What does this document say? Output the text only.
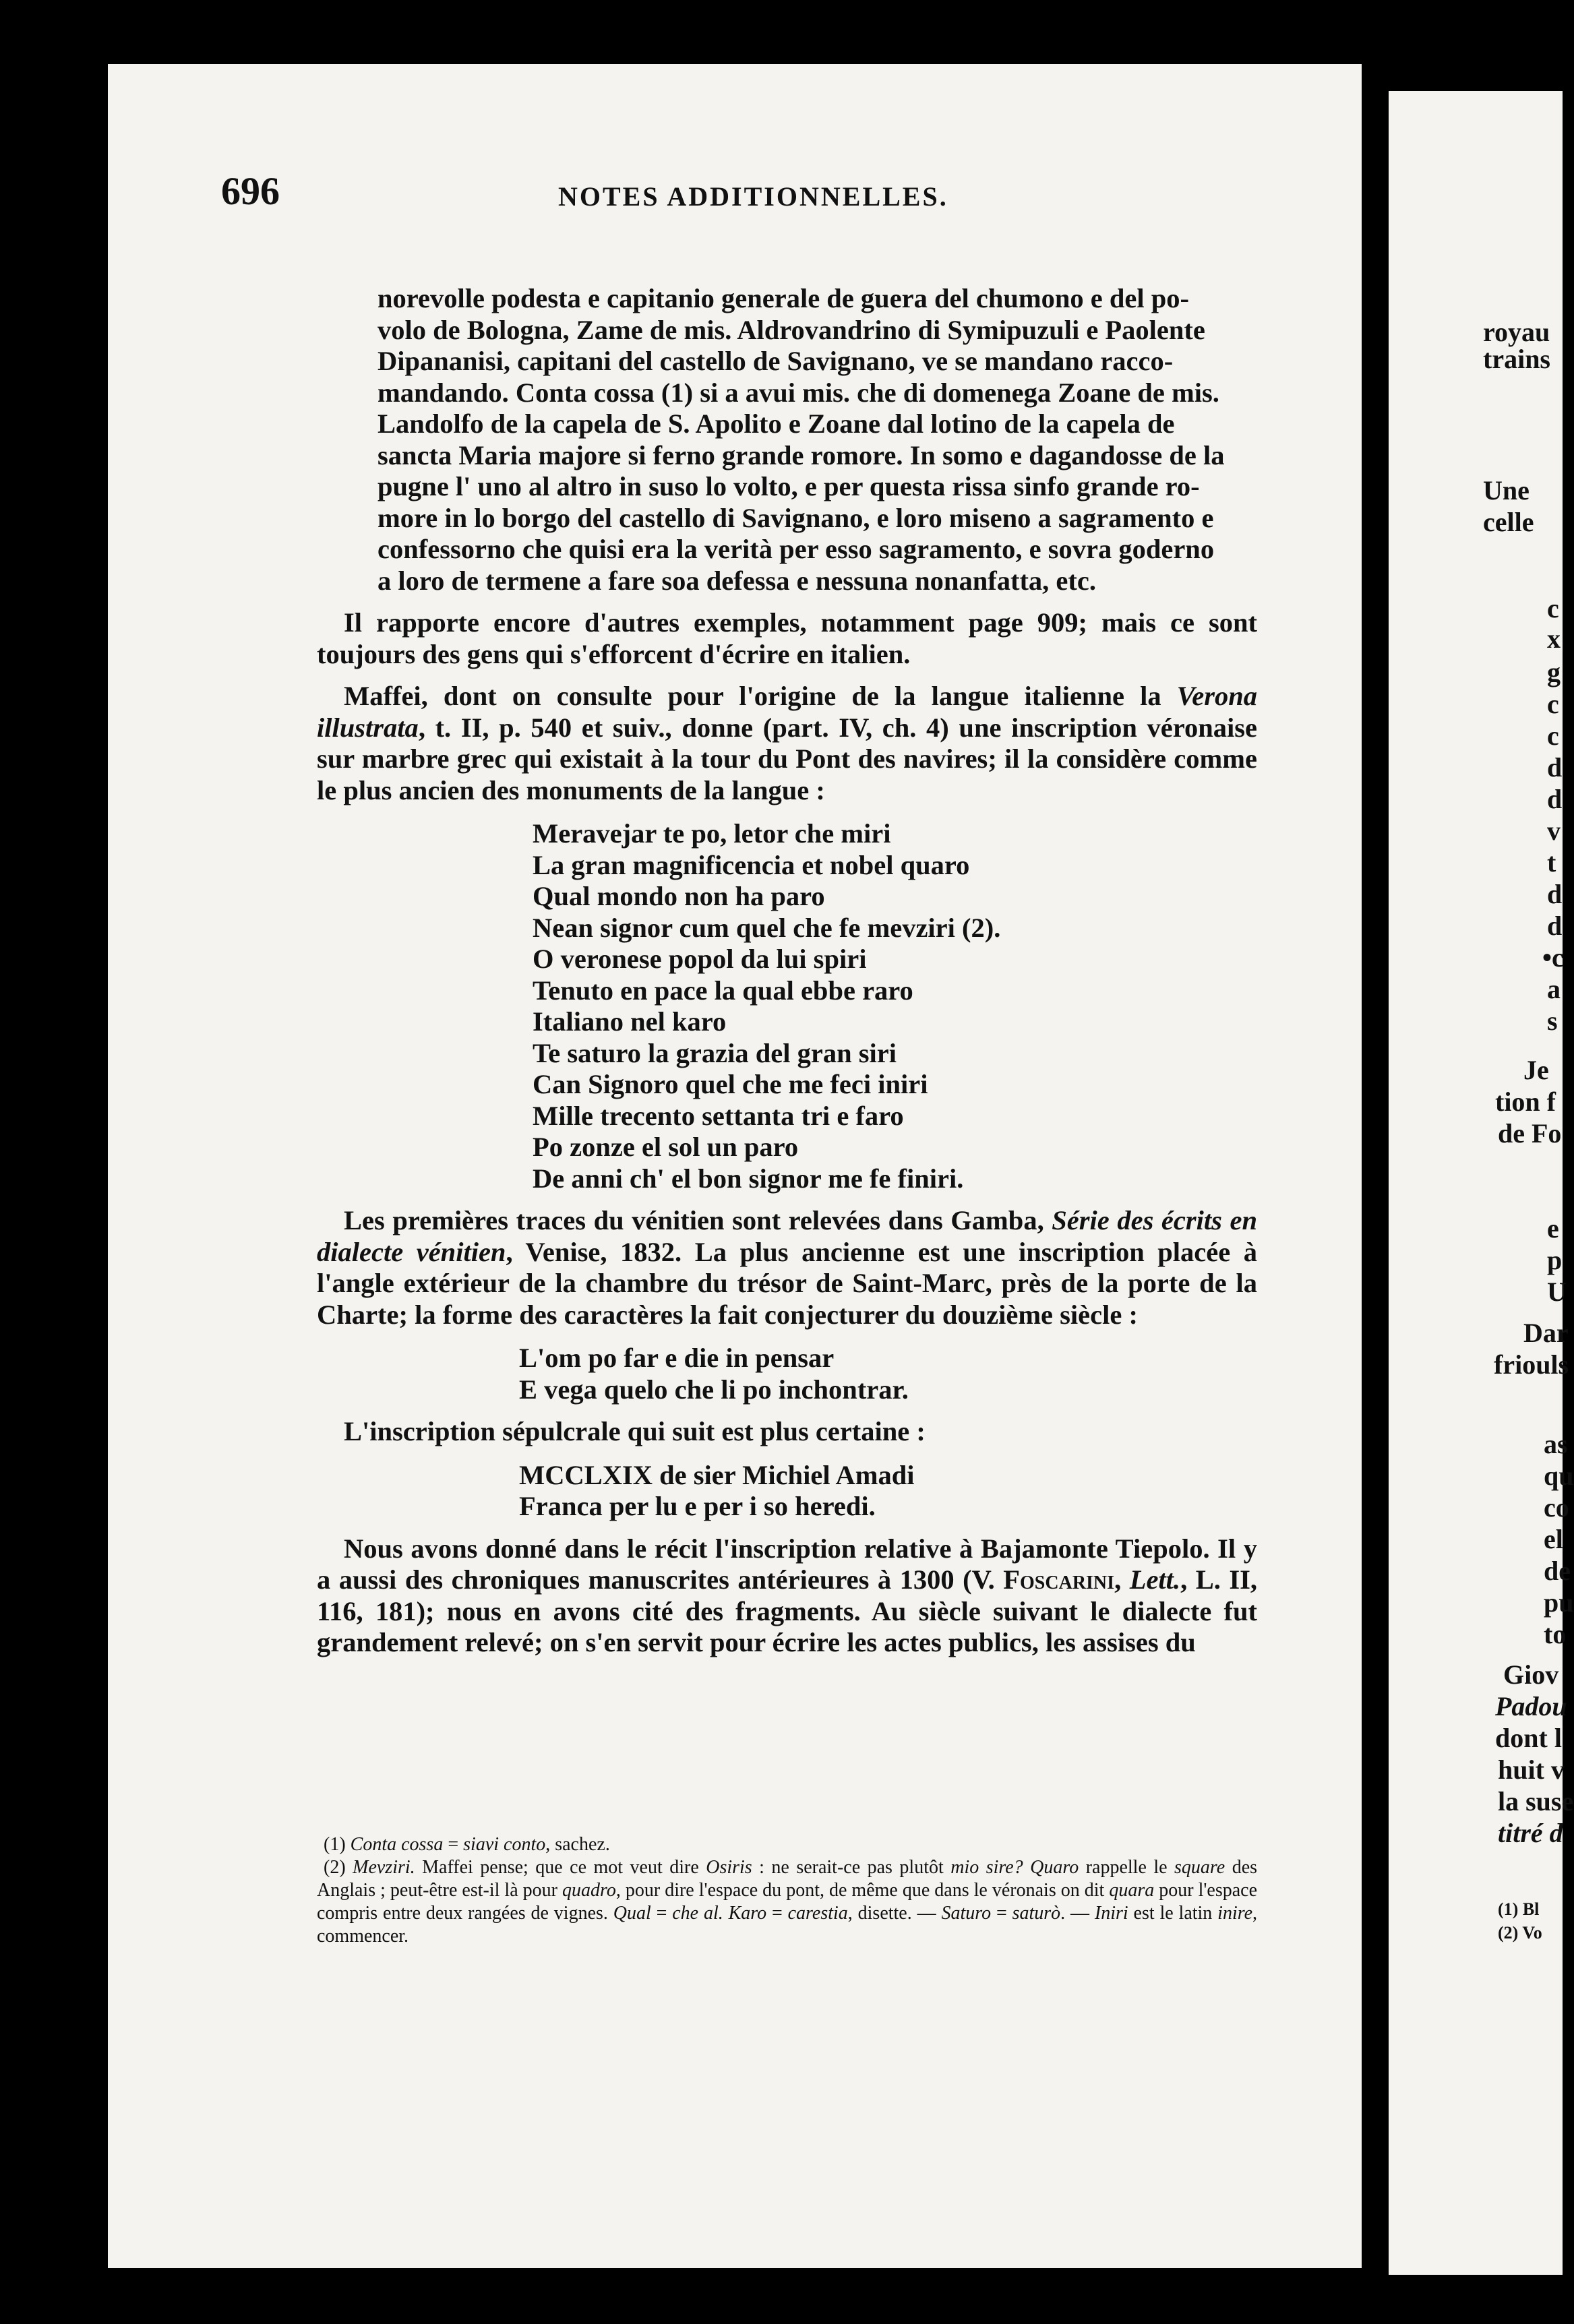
696	NOTES ADDITIONNELLES.
norevolle podesta e capitanio generale de guera del chumono e del po-
volo de Bologna, Zame de mis. Aldrovandrino di Symipuzuli e Paolente
Dipananisi, capitani del castello de Savignano, ve se mandano racco-
mandando. Conta cossa (1) si a avui mis. che di domenega Zoane de mis.
Landolfo de la capela de S. Apolito e Zoane dal lotino de la capela de
sancta Maria majore si ferno grande romore. In somo e dagandosse de la
pugne l' uno al altro in suso lo volto, e per questa rissa sinfo grande ro-
more in lo borgo del castello di Savignano, e loro miseno a sagramento e
confessorno che quisi era la verità per esso sagramento, e sovra goderno
a loro de termene a fare soa defessa e nessuna nonanfatta, etc.

Il rapporte encore d'autres exemples, notamment page 909; mais ce sont toujours des gens qui s'efforcent d'écrire en italien.

Maffei, dont on consulte pour l'origine de la langue italienne la Verona illustrata, t. II, p. 540 et suiv., donne (part. IV, ch. 4) une inscription véronaise sur marbre grec qui existait à la tour du Pont des navires; il la considère comme le plus ancien des monuments de la langue :

Meravejar te po, letor che miri
La gran magnificencia et nobel quaro
Qual mondo non ha paro
Nean signor cum quel che fe mevziri (2).
O veronese popol da lui spiri
Tenuto en pace la qual ebbe raro
Italiano nel karo
Te saturo la grazia del gran siri
Can Signoro quel che me feci iniri
Mille trecento settanta tri e faro
Po zonze el sol un paro
De anni ch' el bon signor me fe finiri.

Les premières traces du vénitien sont relevées dans Gamba, Série des écrits en dialecte vénitien, Venise, 1832. La plus ancienne est une inscription placée à l'angle extérieur de la chambre du trésor de Saint-Marc, près de la porte de la Charte; la forme des caractères la fait conjecturer du douzième siècle :

L'om po far e die in pensar
E vega quelo che li po inchontrar.

L'inscription sépulcrale qui suit est plus certaine :

MCCLXIX de sier Michiel Amadi
Franca per lu e per i so heredi.

Nous avons donné dans le récit l'inscription relative à Bajamonte Tiepolo. Il y a aussi des chroniques manuscrites antérieures à 1300 (V. Foscarini, Lett., L. II, 116, 181); nous en avons cité des fragments. Au siècle suivant le dialecte fut grandement relevé; on s'en servit pour écrire les actes publics, les assises du

(1) Conta cossa = siavi conto, sachez.

(2) Mevziri. Maffei pense; que ce mot veut dire Osiris : ne serait-ce pas plutôt mio sire? Quaro rappelle le square des Anglais ; peut-être est-il là pour quadro, pour dire l'espace du pont, de même que dans le véronais on dit quara pour l'espace compris entre deux rangées de vignes. Qual = che al. Karo = carestia, disette. — Saturo = saturò. — Iniri est le latin inire, commencer.

royau
trains
Une
celle
c
x
g
c
c
d
d
v
t
d
d
•c
a
s
Je
tion f
de Fo
e
p
U
Dar
friouls
as
qu
co
el
de
pu
to
Giov
Padou
dont l
huit v
la suse
titré d
(1) Bl
(2) Vo
